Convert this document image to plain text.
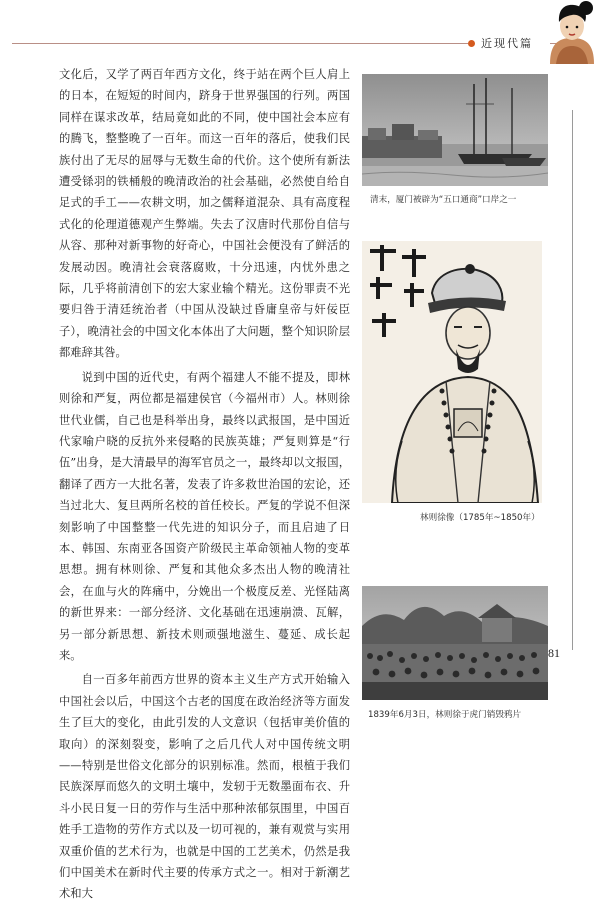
近现代篇
81

文化后，又学了两百年西方文化，终于站在两个巨人肩上的日本，在短短的时间内，跻身于世界强国的行列。两国同样在谋求改革，结局竟如此的不同，使中国社会本应有的腾飞，整整晚了一百年。而这一百年的落后，使我们民族付出了无尽的屈辱与无数生命的代价。这个使所有新法遭受铩羽的铁桶般的晚清政治的社会基础，必然使自给自足式的手工——农耕文明，加之儒释道混杂、具有高度程式化的伦理道德观产生弊端。失去了汉唐时代那份自信与从容、那种对新事物的好奇心，中国社会便没有了鲜活的发展动因。晚清社会衰落腐败，十分迅速，内忧外患之际，几乎将前清创下的宏大家业输个精光。这份罪责不光要归咎于清廷统治者（中国从没缺过昏庸皇帝与奸佞臣子），晚清社会的中国文化本体出了大问题，整个知识阶层都难辞其咎。

说到中国的近代史，有两个福建人不能不提及，即林则徐和严复，两位都是福建侯官（今福州市）人。林则徐世代业儒，自己也是科举出身，最终以武报国，是中国近代家喻户晓的反抗外来侵略的民族英雄；严复则算是“行伍”出身，是大清最早的海军官员之一，最终却以文报国，翻译了西方一大批名著，发表了许多救世治国的宏论，还当过北大、复旦两所名校的首任校长。严复的学说不但深刻影响了中国整整一代先进的知识分子，而且启迪了日本、韩国、东南亚各国资产阶级民主革命领袖人物的变革思想。拥有林则徐、严复和其他众多杰出人物的晚清社会，在血与火的阵痛中，分娩出一个极度反差、光怪陆离的新世界来：一部分经济、文化基础在迅速崩溃、瓦解，另一部分新思想、新技术则顽强地滋生、蔓延、成长起来。

自一百多年前西方世界的资本主义生产方式开始输入中国社会以后，中国这个古老的国度在政治经济等方面发生了巨大的变化，由此引发的人文意识（包括审美价值的取向）的深刻裂变，影响了之后几代人对中国传统文明——特别是世俗文化部分的识别标准。然而，根植于我们民族深厚而悠久的文明土壤中，发轫于无数墨面布衣、升斗小民日复一日的劳作与生活中那种浓郁氛围里，中国百姓手工造物的劳作方式以及一切可视的，兼有观赏与实用双重价值的艺术行为，也就是中国的工艺美术，仍然是我们中国美术在新时代主要的传承方式之一。相对于新潮艺术和大

清末，厦门被辟为“五口通商”口岸之一
林则徐像（1785年~1850年）
1839年6月3日，林则徐于虎门销毁鸦片
